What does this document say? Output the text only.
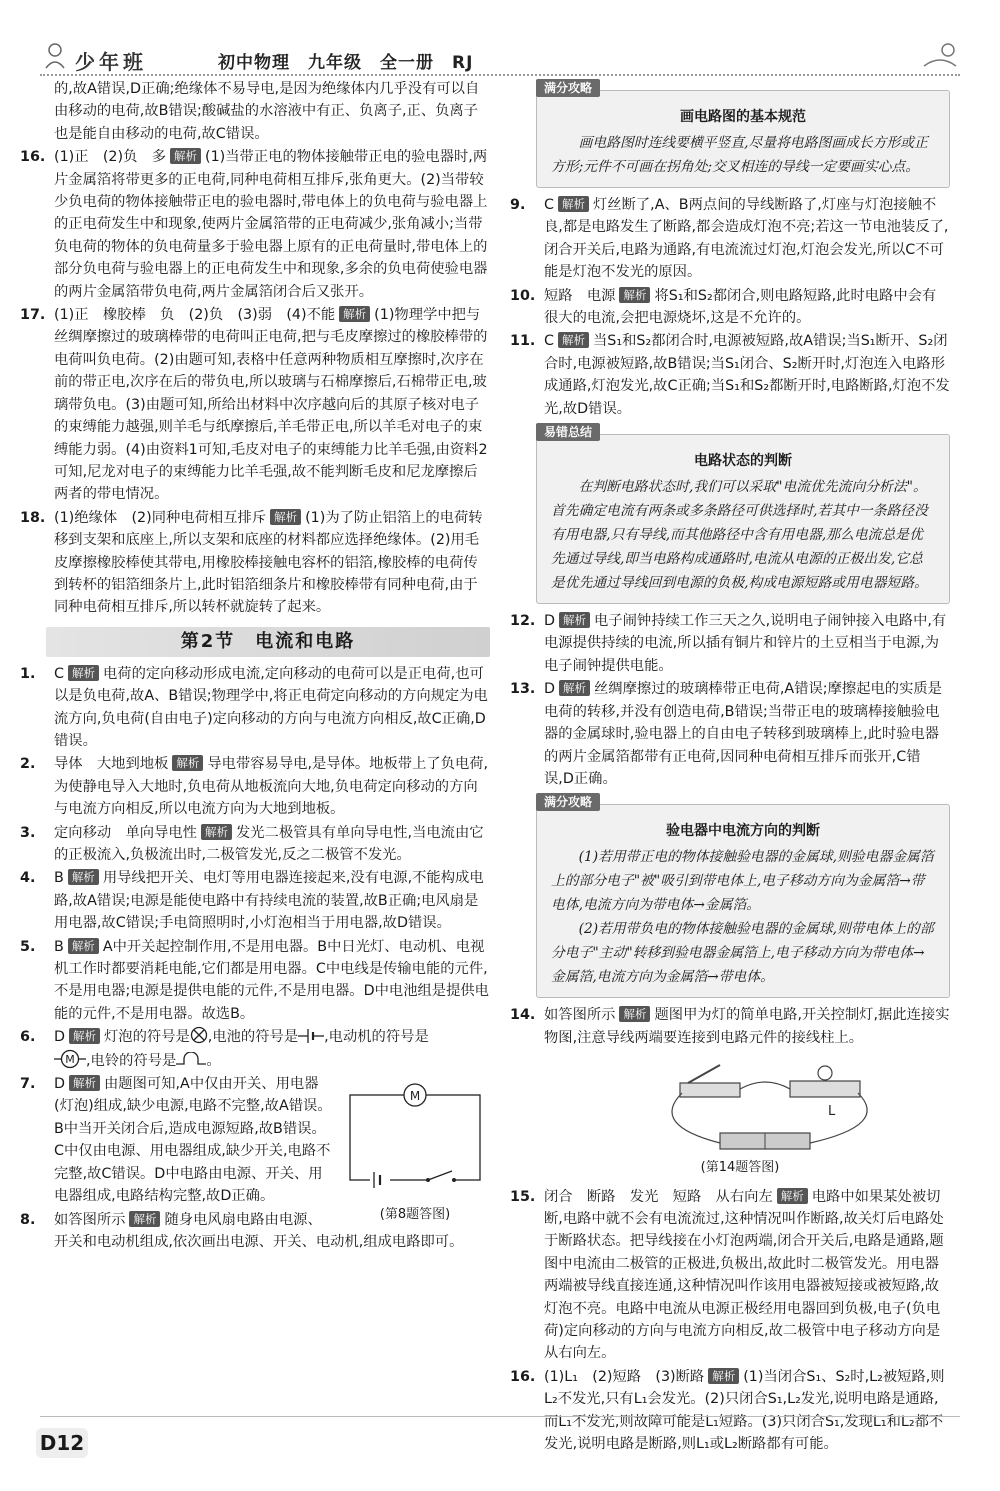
少年班	初中物理　九年级　全一册　RJ
的,故A错误,D正确;绝缘体不易导电,是因为绝缘体内几乎没有可以自由移动的电荷,故B错误;酸碱盐的水溶液中有正、负离子,正、负离子也是能自由移动的电荷,故C错误。
16. (1)正　(2)负　多 解析 (1)当带正电的物体接触带正电的验电器时,两片金属箔将带更多的正电荷,同种电荷相互排斥,张角更大。(2)当带较少负电荷的物体接触带正电的验电器时,带电体上的负电荷与验电器上的正电荷发生中和现象,使两片金属箔带的正电荷减少,张角减小;当带负电荷的物体的负电荷量多于验电器上原有的正电荷量时,带电体上的部分负电荷与验电器上的正电荷发生中和现象,多余的负电荷使验电器的两片金属箔带负电荷,两片金属箔闭合后又张开。
17. (1)正　橡胶棒　负　(2)负　(3)弱　(4)不能 解析 (1)物理学中把与丝绸摩擦过的玻璃棒带的电荷叫正电荷,把与毛皮摩擦过的橡胶棒带的电荷叫负电荷。(2)由题可知,表格中任意两种物质相互摩擦时,次序在前的带正电,次序在后的带负电,所以玻璃与石棉摩擦后,石棉带正电,玻璃带负电。(3)由题可知,所给出材料中次序越向后的其原子核对电子的束缚能力越强,则羊毛与纸摩擦后,羊毛带正电,所以羊毛对电子的束缚能力弱。(4)由资料1可知,毛皮对电子的束缚能力比羊毛强,由资料2可知,尼龙对电子的束缚能力比羊毛强,故不能判断毛皮和尼龙摩擦后两者的带电情况。
18. (1)绝缘体　(2)同种电荷相互排斥 解析 (1)为了防止铝箔上的电荷转移到支架和底座上,所以支架和底座的材料都应选择绝缘体。(2)用毛皮摩擦橡胶棒使其带电,用橡胶棒接触电容杯的铝箔,橡胶棒的电荷传到转杯的铝箔细条片上,此时铝箔细条片和橡胶棒带有同种电荷,由于同种电荷相互排斥,所以转杯就旋转了起来。
第2节　电流和电路
1. C 解析 电荷的定向移动形成电流,定向移动的电荷可以是正电荷,也可以是负电荷,故A、B错误;物理学中,将正电荷定向移动的方向规定为电流方向,负电荷(自由电子)定向移动的方向与电流方向相反,故C正确,D错误。
2. 导体　大地到地板 解析 导电带容易导电,是导体。地板带上了负电荷,为使静电导入大地时,负电荷从地板流向大地,负电荷定向移动的方向与电流方向相反,所以电流方向为大地到地板。
3. 定向移动　单向导电性 解析 发光二极管具有单向导电性,当电流由它的正极流入,负极流出时,二极管发光,反之二极管不发光。
4. B 解析 用导线把开关、电灯等用电器连接起来,没有电源,不能构成电路,故A错误;电源是能使电路中有持续电流的装置,故B正确;电风扇是用电器,故C错误;手电筒照明时,小灯泡相当于用电器,故D错误。
5. B 解析 A中开关起控制作用,不是用电器。B中日光灯、电动机、电视机工作时都要消耗电能,它们都是用电器。C中电线是传输电能的元件,不是用电器;电源是提供电能的元件,不是用电器。D中电池组是提供电能的元件,不是用电器。故选B。
6. D 解析 灯泡的符号是 ,电池的符号是 ,电动机的符号是

M ,电铃的符号是 。
M
(第8题答图)
7. D 解析 由题图可知,A中仅由开关、用电器(灯泡)组成,缺少电源,电路不完整,故A错误。B中当开关闭合后,造成电源短路,故B错误。C中仅由电源、用电器组成,缺少开关,电路不完整,故C错误。D中电路由电源、开关、用电器组成,电路结构完整,故D正确。
8. 如答图所示 解析 随身电风扇电路由电源、开关和电动机组成,依次画出电源、开关、电动机,组成电路即可。
满分攻略
画电路图的基本规范
画电路图时连线要横平竖直,尽量将电路图画成长方形或正方形;元件不可画在拐角处;交叉相连的导线一定要画实心点。
9. C 解析 灯丝断了,A、B两点间的导线断路了,灯座与灯泡接触不良,都是电路发生了断路,都会造成灯泡不亮;若这一节电池装反了,闭合开关后,电路为通路,有电流流过灯泡,灯泡会发光,所以C不可能是灯泡不发光的原因。
10. 短路　电源 解析 将S₁和S₂都闭合,则电路短路,此时电路中会有很大的电流,会把电源烧坏,这是不允许的。
11. C 解析 当S₁和S₂都闭合时,电源被短路,故A错误;当S₁断开、S₂闭合时,电源被短路,故B错误;当S₁闭合、S₂断开时,灯泡连入电路形成通路,灯泡发光,故C正确;当S₁和S₂都断开时,电路断路,灯泡不发光,故D错误。
易错总结
电路状态的判断
在判断电路状态时,我们可以采取"电流优先流向分析法"。首先确定电流有两条或多条路径可供选择时,若其中一条路径没有用电器,只有导线,而其他路径中含有用电器,那么电流总是优先通过导线,即当电路构成通路时,电流从电源的正极出发,它总是优先通过导线回到电源的负极,构成电源短路或用电器短路。
12. D 解析 电子闹钟持续工作三天之久,说明电子闹钟接入电路中,有电源提供持续的电流,所以插有铜片和锌片的土豆相当于电源,为电子闹钟提供电能。
13. D 解析 丝绸摩擦过的玻璃棒带正电荷,A错误;摩擦起电的实质是电荷的转移,并没有创造电荷,B错误;当带正电的玻璃棒接触验电器的金属球时,验电器上的自由电子转移到玻璃棒上,此时验电器的两片金属箔都带有正电荷,因同种电荷相互排斥而张开,C错误,D正确。
满分攻略
验电器中电流方向的判断
(1)若用带正电的物体接触验电器的金属球,则验电器金属箔上的部分电子"被"吸引到带电体上,电子移动方向为金属箔→带电体,电流方向为带电体→金属箔。
(2)若用带负电的物体接触验电器的金属球,则带电体上的部分电子"主动"转移到验电器金属箔上,电子移动方向为带电体→金属箔,电流方向为金属箔→带电体。
14. 如答图所示 解析 题图甲为灯的简单电路,开关控制灯,据此连接实物图,注意导线两端要连接到电路元件的接线柱上。
L
(第14题答图)
15. 闭合　断路　发光　短路　从右向左 解析 电路中如果某处被切断,电路中就不会有电流流过,这种情况叫作断路,故关灯后电路处于断路状态。把导线接在小灯泡两端,闭合开关后,电路是通路,题图中电流由二极管的正极进,负极出,故此时二极管发光。用电器两端被导线直接连通,这种情况叫作该用电器被短接或被短路,故灯泡不亮。电路中电流从电源正极经用电器回到负极,电子(负电荷)定向移动的方向与电流方向相反,故二极管中电子移动方向是从右向左。
16. (1)L₁　(2)短路　(3)断路 解析 (1)当闭合S₁、S₂时,L₂被短路,则L₂不发光,只有L₁会发光。(2)只闭合S₁,L₂发光,说明电路是通路,而L₁不发光,则故障可能是L₁短路。(3)只闭合S₁,发现L₁和L₂都不发光,说明电路是断路,则L₁或L₂断路都有可能。
D12
